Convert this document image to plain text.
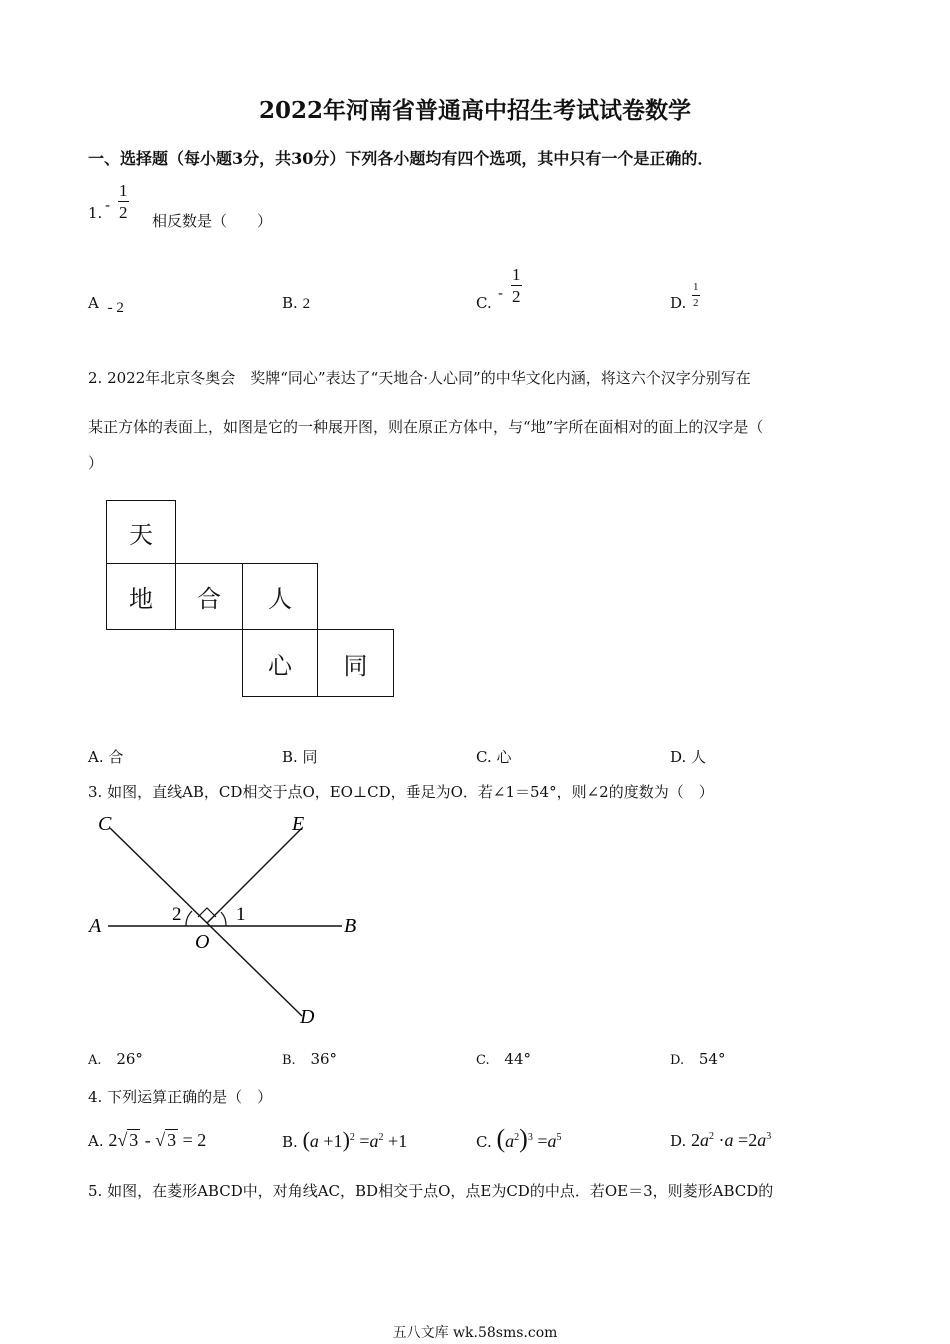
2022年河南省普通高中招生考试试卷数学
一、选择题（每小题3分，共30分）下列各小题均有四个选项，其中只有一个是正确的．
1. - $\frac{1}{2}$ 相反数是（　　）
A - 2	B. 2	C.
- $\frac{1}{2}$	D. $\frac{1}{2}$
2. 2022年北京冬奥会　奖牌“同心”表达了“天地合·人心同”的中华文化内涵，将这六个汉字分别写在
某正方体的表面上，如图是它的一种展开图，则在原正方体中，与“地”字所在面相对的面上的汉字是（
）
天
地	合	人
心	同
A. 合	B. 同	C. 心	D. 人
3. 如图，直线AB，CD相交于点O，EO⊥CD，垂足为O．若∠1＝54°，则∠2的度数为（　）
C	E
A	B
O
D
1
2
A. 26°	B. 36°	C. 44°	D. 54°
4. 下列运算正确的是（　）
A. 2√ 3 - √ 3 = 2	B. $(a +1)^2 =a^2 +1$	C. $(a^2)^3 =a^5$	D. $2a^2 \cdot a =2a^3$
5. 如图，在菱形ABCD中，对角线AC，BD相交于点O，点E为CD的中点．若OE＝3，则菱形ABCD的
五八文库 wk.58sms.com
